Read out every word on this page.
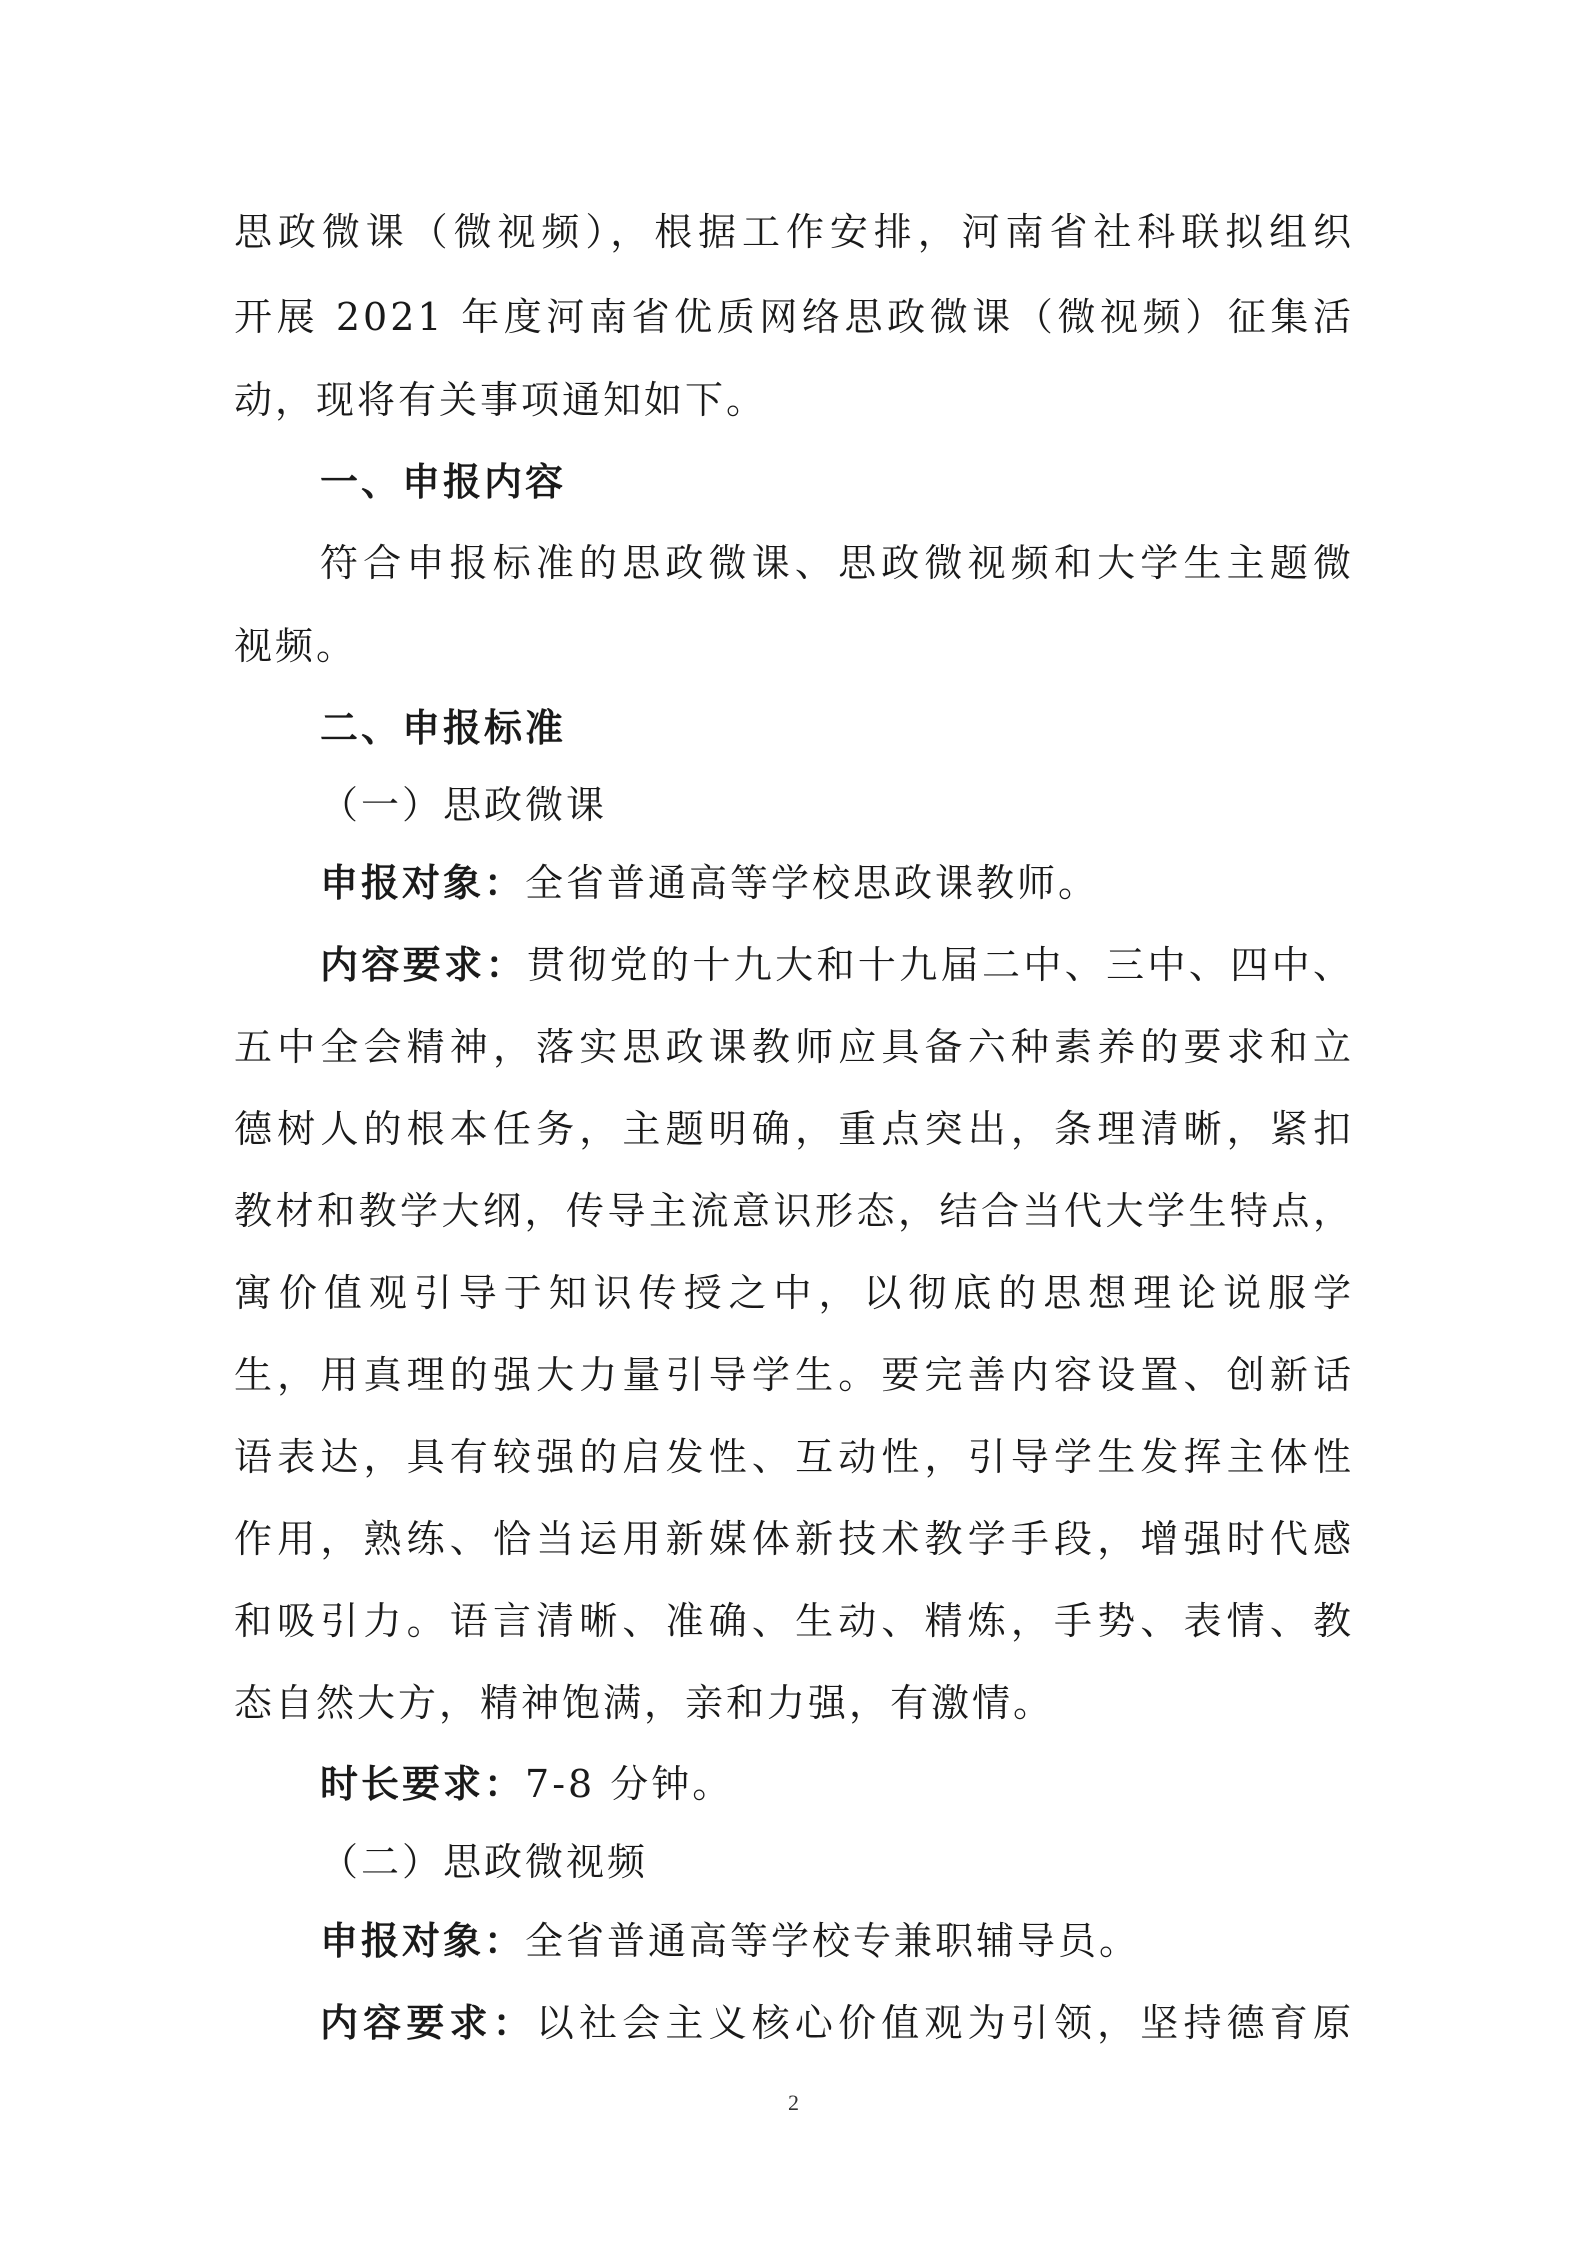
思政微课（微视频），根据工作安排，河南省社科联拟组织
开展 2021 年度河南省优质网络思政微课（微视频）征集活
动，现将有关事项通知如下。
一、申报内容
符合申报标准的思政微课、思政微视频和大学生主题微
视频。
二、申报标准
（一）思政微课
申报对象：全省普通高等学校思政课教师。
内容要求：贯彻党的十九大和十九届二中、三中、四中、
五中全会精神，落实思政课教师应具备六种素养的要求和立
德树人的根本任务，主题明确，重点突出，条理清晰，紧扣
教材和教学大纲，传导主流意识形态，结合当代大学生特点，
寓价值观引导于知识传授之中，以彻底的思想理论说服学
生，用真理的强大力量引导学生。要完善内容设置、创新话
语表达，具有较强的启发性、互动性，引导学生发挥主体性
作用，熟练、恰当运用新媒体新技术教学手段，增强时代感
和吸引力。语言清晰、准确、生动、精炼，手势、表情、教
态自然大方，精神饱满，亲和力强，有激情。
时长要求：7-8 分钟。
（二）思政微视频
申报对象：全省普通高等学校专兼职辅导员。
内容要求：以社会主义核心价值观为引领，坚持德育原
2
